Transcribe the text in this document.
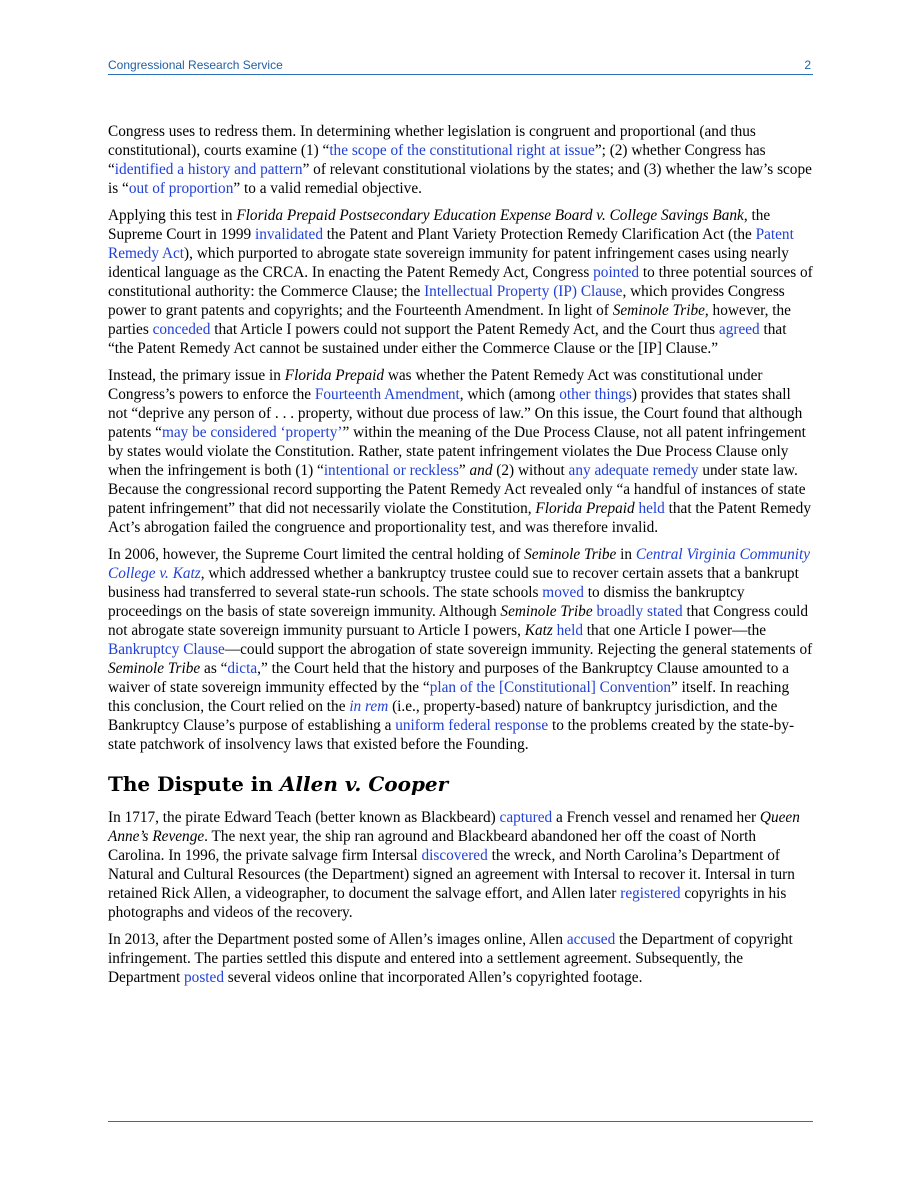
Congressional Research Service	2

Congress uses to redress them. In determining whether legislation is congruent and proportional (and thus constitutional), courts examine (1) “the scope of the constitutional right at issue”; (2) whether Congress has “identified a history and pattern” of relevant constitutional violations by the states; and (3) whether the law’s scope is “out of proportion” to a valid remedial objective.

Applying this test in Florida Prepaid Postsecondary Education Expense Board v. College Savings Bank, the Supreme Court in 1999 invalidated the Patent and Plant Variety Protection Remedy Clarification Act (the Patent Remedy Act), which purported to abrogate state sovereign immunity for patent infringement cases using nearly identical language as the CRCA. In enacting the Patent Remedy Act, Congress pointed to three potential sources of constitutional authority: the Commerce Clause; the Intellectual Property (IP) Clause, which provides Congress power to grant patents and copyrights; and the Fourteenth Amendment. In light of Seminole Tribe, however, the parties conceded that Article I powers could not support the Patent Remedy Act, and the Court thus agreed that “the Patent Remedy Act cannot be sustained under either the Commerce Clause or the [IP] Clause.”

Instead, the primary issue in Florida Prepaid was whether the Patent Remedy Act was constitutional under Congress’s powers to enforce the Fourteenth Amendment, which (among other things) provides that states shall not “deprive any person of . . . property, without due process of law.” On this issue, the Court found that although patents “may be considered ‘property’” within the meaning of the Due Process Clause, not all patent infringement by states would violate the Constitution. Rather, state patent infringement violates the Due Process Clause only when the infringement is both (1) “intentional or reckless” and (2) without any adequate remedy under state law. Because the congressional record supporting the Patent Remedy Act revealed only “a handful of instances of state patent infringement” that did not necessarily violate the Constitution, Florida Prepaid held that the Patent Remedy Act’s abrogation failed the congruence and proportionality test, and was therefore invalid.

In 2006, however, the Supreme Court limited the central holding of Seminole Tribe in Central Virginia Community College v. Katz, which addressed whether a bankruptcy trustee could sue to recover certain assets that a bankrupt business had transferred to several state-run schools. The state schools moved to dismiss the bankruptcy proceedings on the basis of state sovereign immunity. Although Seminole Tribe broadly stated that Congress could not abrogate state sovereign immunity pursuant to Article I powers, Katz held that one Article I power—the Bankruptcy Clause—could support the abrogation of state sovereign immunity. Rejecting the general statements of Seminole Tribe as “dicta,” the Court held that the history and purposes of the Bankruptcy Clause amounted to a waiver of state sovereign immunity effected by the “plan of the [Constitutional] Convention” itself. In reaching this conclusion, the Court relied on the in rem (i.e., property-based) nature of bankruptcy jurisdiction, and the Bankruptcy Clause’s purpose of establishing a uniform federal response to the problems created by the state-by-state patchwork of insolvency laws that existed before the Founding.

The Dispute in Allen v. Cooper

In 1717, the pirate Edward Teach (better known as Blackbeard) captured a French vessel and renamed her Queen Anne’s Revenge. The next year, the ship ran aground and Blackbeard abandoned her off the coast of North Carolina. In 1996, the private salvage firm Intersal discovered the wreck, and North Carolina’s Department of Natural and Cultural Resources (the Department) signed an agreement with Intersal to recover it. Intersal in turn retained Rick Allen, a videographer, to document the salvage effort, and Allen later registered copyrights in his photographs and videos of the recovery.

In 2013, after the Department posted some of Allen’s images online, Allen accused the Department of copyright infringement. The parties settled this dispute and entered into a settlement agreement. Subsequently, the Department posted several videos online that incorporated Allen’s copyrighted footage.
